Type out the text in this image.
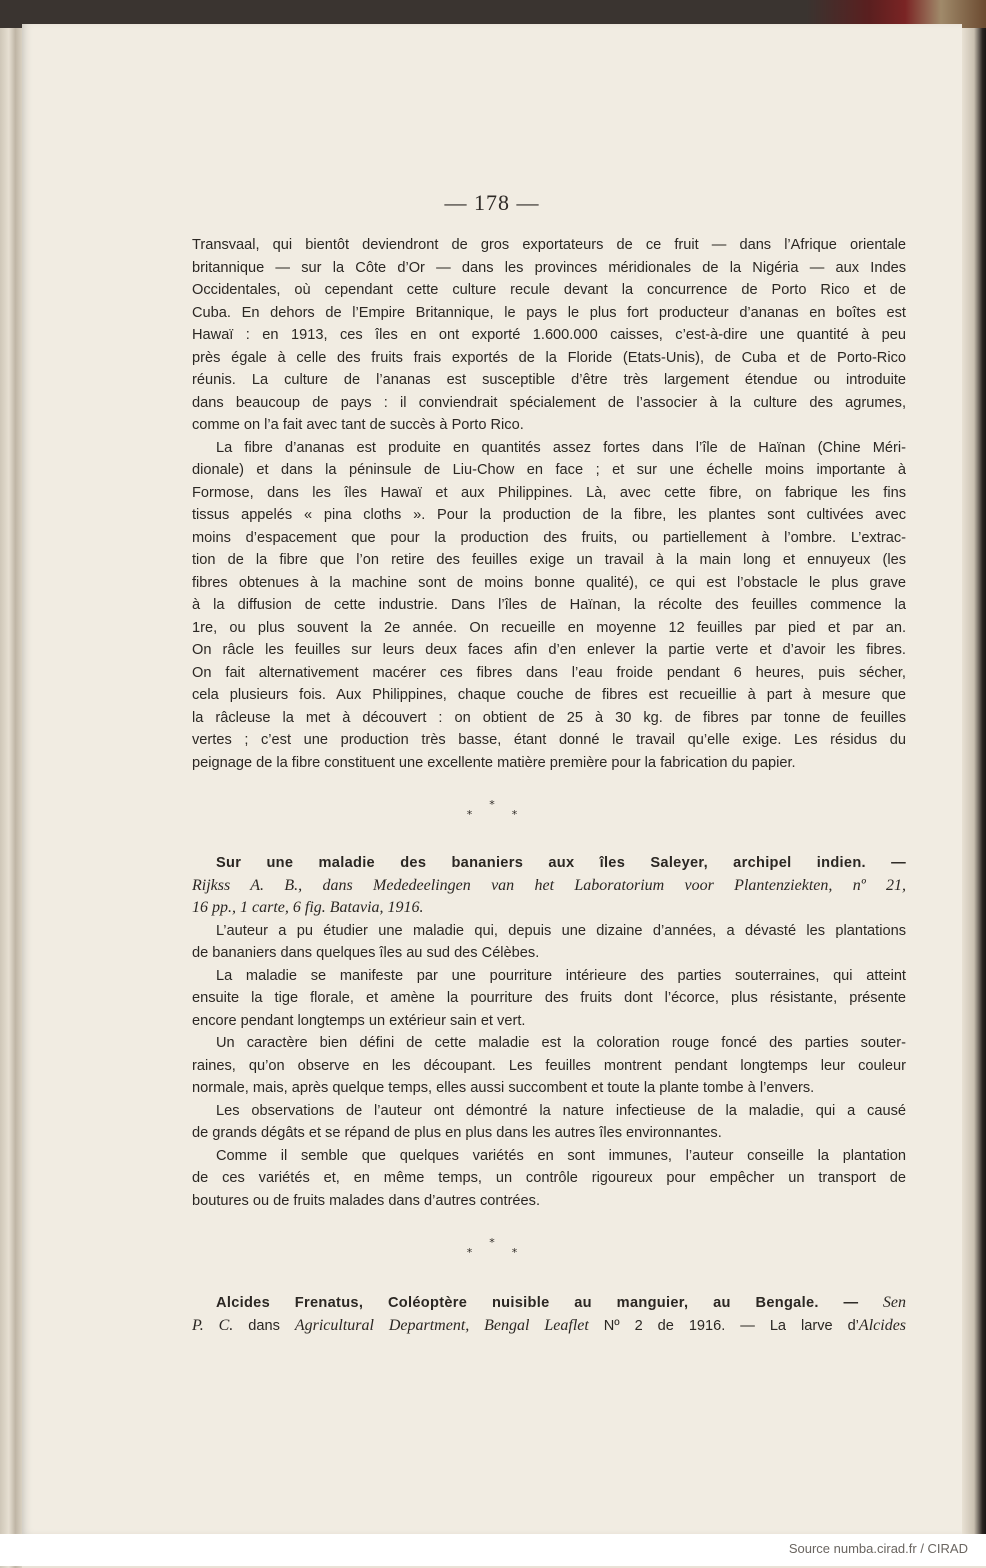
— 178 —
Transvaal, qui bientôt deviendront de gros exportateurs de ce fruit — dans l’Afrique orientale
britannique — sur la Côte d’Or — dans les provinces méridionales de la Nigéria — aux Indes
Occidentales, où cependant cette culture recule devant la concurrence de Porto Rico et de
Cuba. En dehors de l’Empire Britannique, le pays le plus fort producteur d’ananas en boîtes est
Hawaï : en 1913, ces îles en ont exporté 1.600.000 caisses, c’est-à-dire une quantité à peu
près égale à celle des fruits frais exportés de la Floride (Etats-Unis), de Cuba et de Porto-Rico
réunis. La culture de l’ananas est susceptible d’être très largement étendue ou introduite
dans beaucoup de pays : il conviendrait spécialement de l’associer à la culture des agrumes,
comme on l’a fait avec tant de succès à Porto Rico.
La fibre d’ananas est produite en quantités assez fortes dans l’île de Haïnan (Chine Méri-
dionale) et dans la péninsule de Liu-Chow en face ; et sur une échelle moins importante à
Formose, dans les îles Hawaï et aux Philippines. Là, avec cette fibre, on fabrique les fins
tissus appelés « pina cloths ». Pour la production de la fibre, les plantes sont cultivées avec
moins d’espacement que pour la production des fruits, ou partiellement à l’ombre. L’extrac-
tion de la fibre que l’on retire des feuilles exige un travail à la main long et ennuyeux (les
fibres obtenues à la machine sont de moins bonne qualité), ce qui est l’obstacle le plus grave
à la diffusion de cette industrie. Dans l’îles de Haïnan, la récolte des feuilles commence la
1re, ou plus souvent la 2e année. On recueille en moyenne 12 feuilles par pied et par an.
On râcle les feuilles sur leurs deux faces afin d’en enlever la partie verte et d’avoir les fibres.
On fait alternativement macérer ces fibres dans l’eau froide pendant 6 heures, puis sécher,
cela plusieurs fois. Aux Philippines, chaque couche de fibres est recueillie à part à mesure que
la râcleuse la met à découvert : on obtient de 25 à 30 kg. de fibres par tonne de feuilles
vertes ; c’est une production très basse, étant donné le travail qu’elle exige. Les résidus du
peignage de la fibre constituent une excellente matière première pour la fabrication du papier.
*
* *
Sur une maladie des bananiers aux îles Saleyer, archipel indien. —
Rijkss A. B., dans Mededeelingen van het Laboratorium voor Plantenziekten, nº 21,
16 pp., 1 carte, 6 fig. Batavia, 1916.
L’auteur a pu étudier une maladie qui, depuis une dizaine d’années, a dévasté les plantations
de bananiers dans quelques îles au sud des Célèbes.
La maladie se manifeste par une pourriture intérieure des parties souterraines, qui atteint
ensuite la tige florale, et amène la pourriture des fruits dont l’écorce, plus résistante, présente
encore pendant longtemps un extérieur sain et vert.
Un caractère bien défini de cette maladie est la coloration rouge foncé des parties souter-
raines, qu’on observe en les découpant. Les feuilles montrent pendant longtemps leur couleur
normale, mais, après quelque temps, elles aussi succombent et toute la plante tombe à l’envers.
Les observations de l’auteur ont démontré la nature infectieuse de la maladie, qui a causé
de grands dégâts et se répand de plus en plus dans les autres îles environnantes.
Comme il semble que quelques variétés en sont immunes, l’auteur conseille la plantation
de ces variétés et, en même temps, un contrôle rigoureux pour empêcher un transport de
boutures ou de fruits malades dans d’autres contrées.
*
* *
Alcides Frenatus, Coléoptère nuisible au manguier, au Bengale. — Sen
P. C. dans Agricultural Department, Bengal Leaflet Nº 2 de 1916. — La larve d’Alcides
Source numba.cirad.fr / CIRAD
